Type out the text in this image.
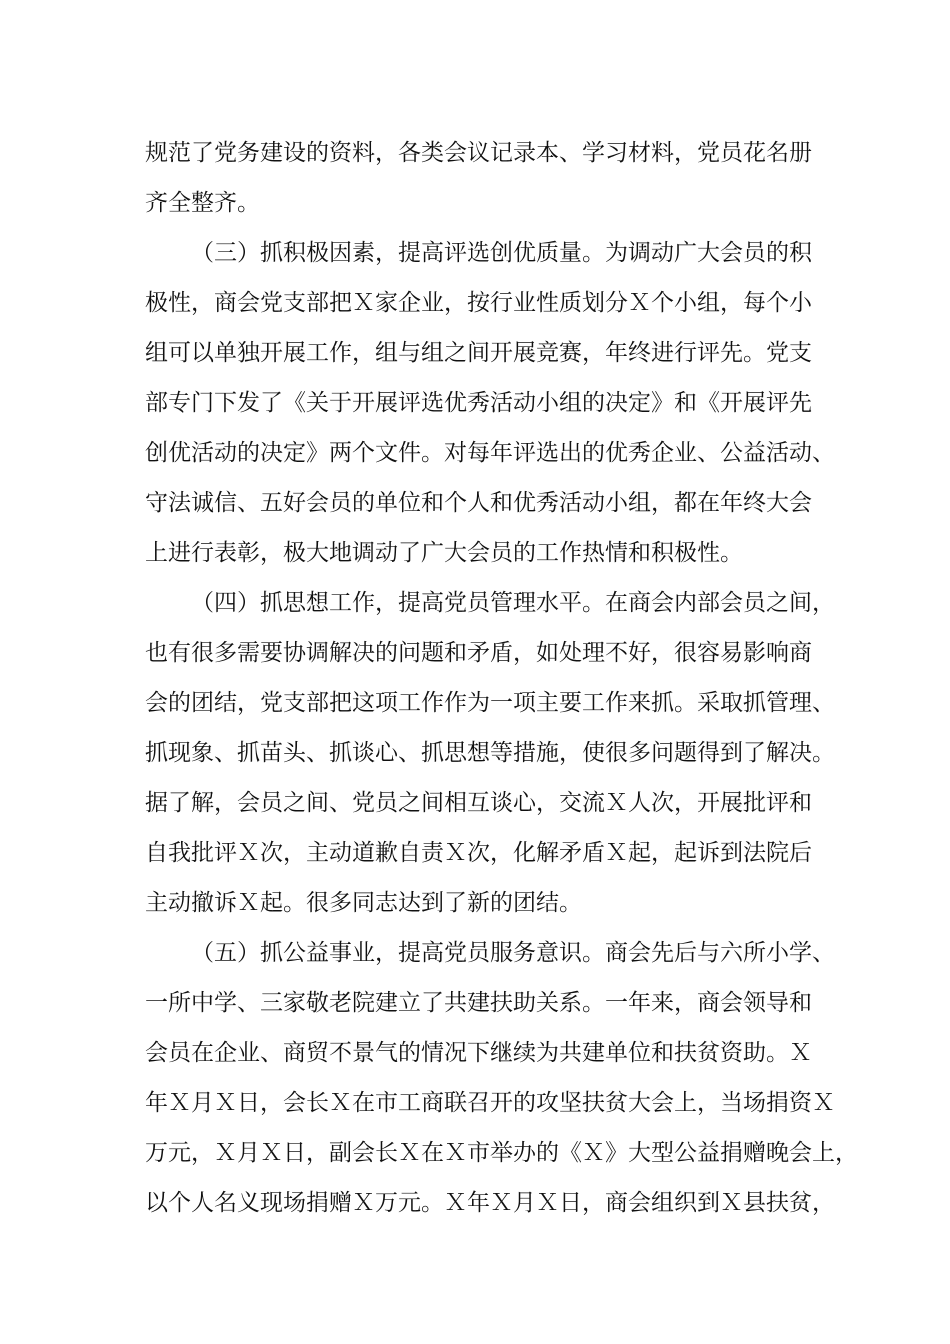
规范了党务建设的资料，各类会议记录本、学习材料，党员花名册
齐全整齐。
（三）抓积极因素，提高评选创优质量。为调动广大会员的积
极性，商会党支部把Ｘ家企业，按行业性质划分Ｘ个小组，每个小
组可以单独开展工作，组与组之间开展竞赛，年终进行评先。党支
部专门下发了《关于开展评选优秀活动小组的决定》和《开展评先
创优活动的决定》两个文件。对每年评选出的优秀企业、公益活动、
守法诚信、五好会员的单位和个人和优秀活动小组，都在年终大会
上进行表彰，极大地调动了广大会员的工作热情和积极性。
（四）抓思想工作，提高党员管理水平。在商会内部会员之间，
也有很多需要协调解决的问题和矛盾，如处理不好，很容易影响商
会的团结，党支部把这项工作作为一项主要工作来抓。采取抓管理、
抓现象、抓苗头、抓谈心、抓思想等措施，使很多问题得到了解决。
据了解，会员之间、党员之间相互谈心，交流Ｘ人次，开展批评和
自我批评Ｘ次，主动道歉自责Ｘ次，化解矛盾Ｘ起，起诉到法院后
主动撤诉Ｘ起。很多同志达到了新的团结。
（五）抓公益事业，提高党员服务意识。商会先后与六所小学、
一所中学、三家敬老院建立了共建扶助关系。一年来，商会领导和
会员在企业、商贸不景气的情况下继续为共建单位和扶贫资助。Ｘ
年Ｘ月Ｘ日，会长Ｘ在市工商联召开的攻坚扶贫大会上，当场捐资Ｘ
万元，Ｘ月Ｘ日，副会长Ｘ在Ｘ市举办的《Ｘ》大型公益捐赠晚会上，
以个人名义现场捐赠Ｘ万元。Ｘ年Ｘ月Ｘ日，商会组织到Ｘ县扶贫，
